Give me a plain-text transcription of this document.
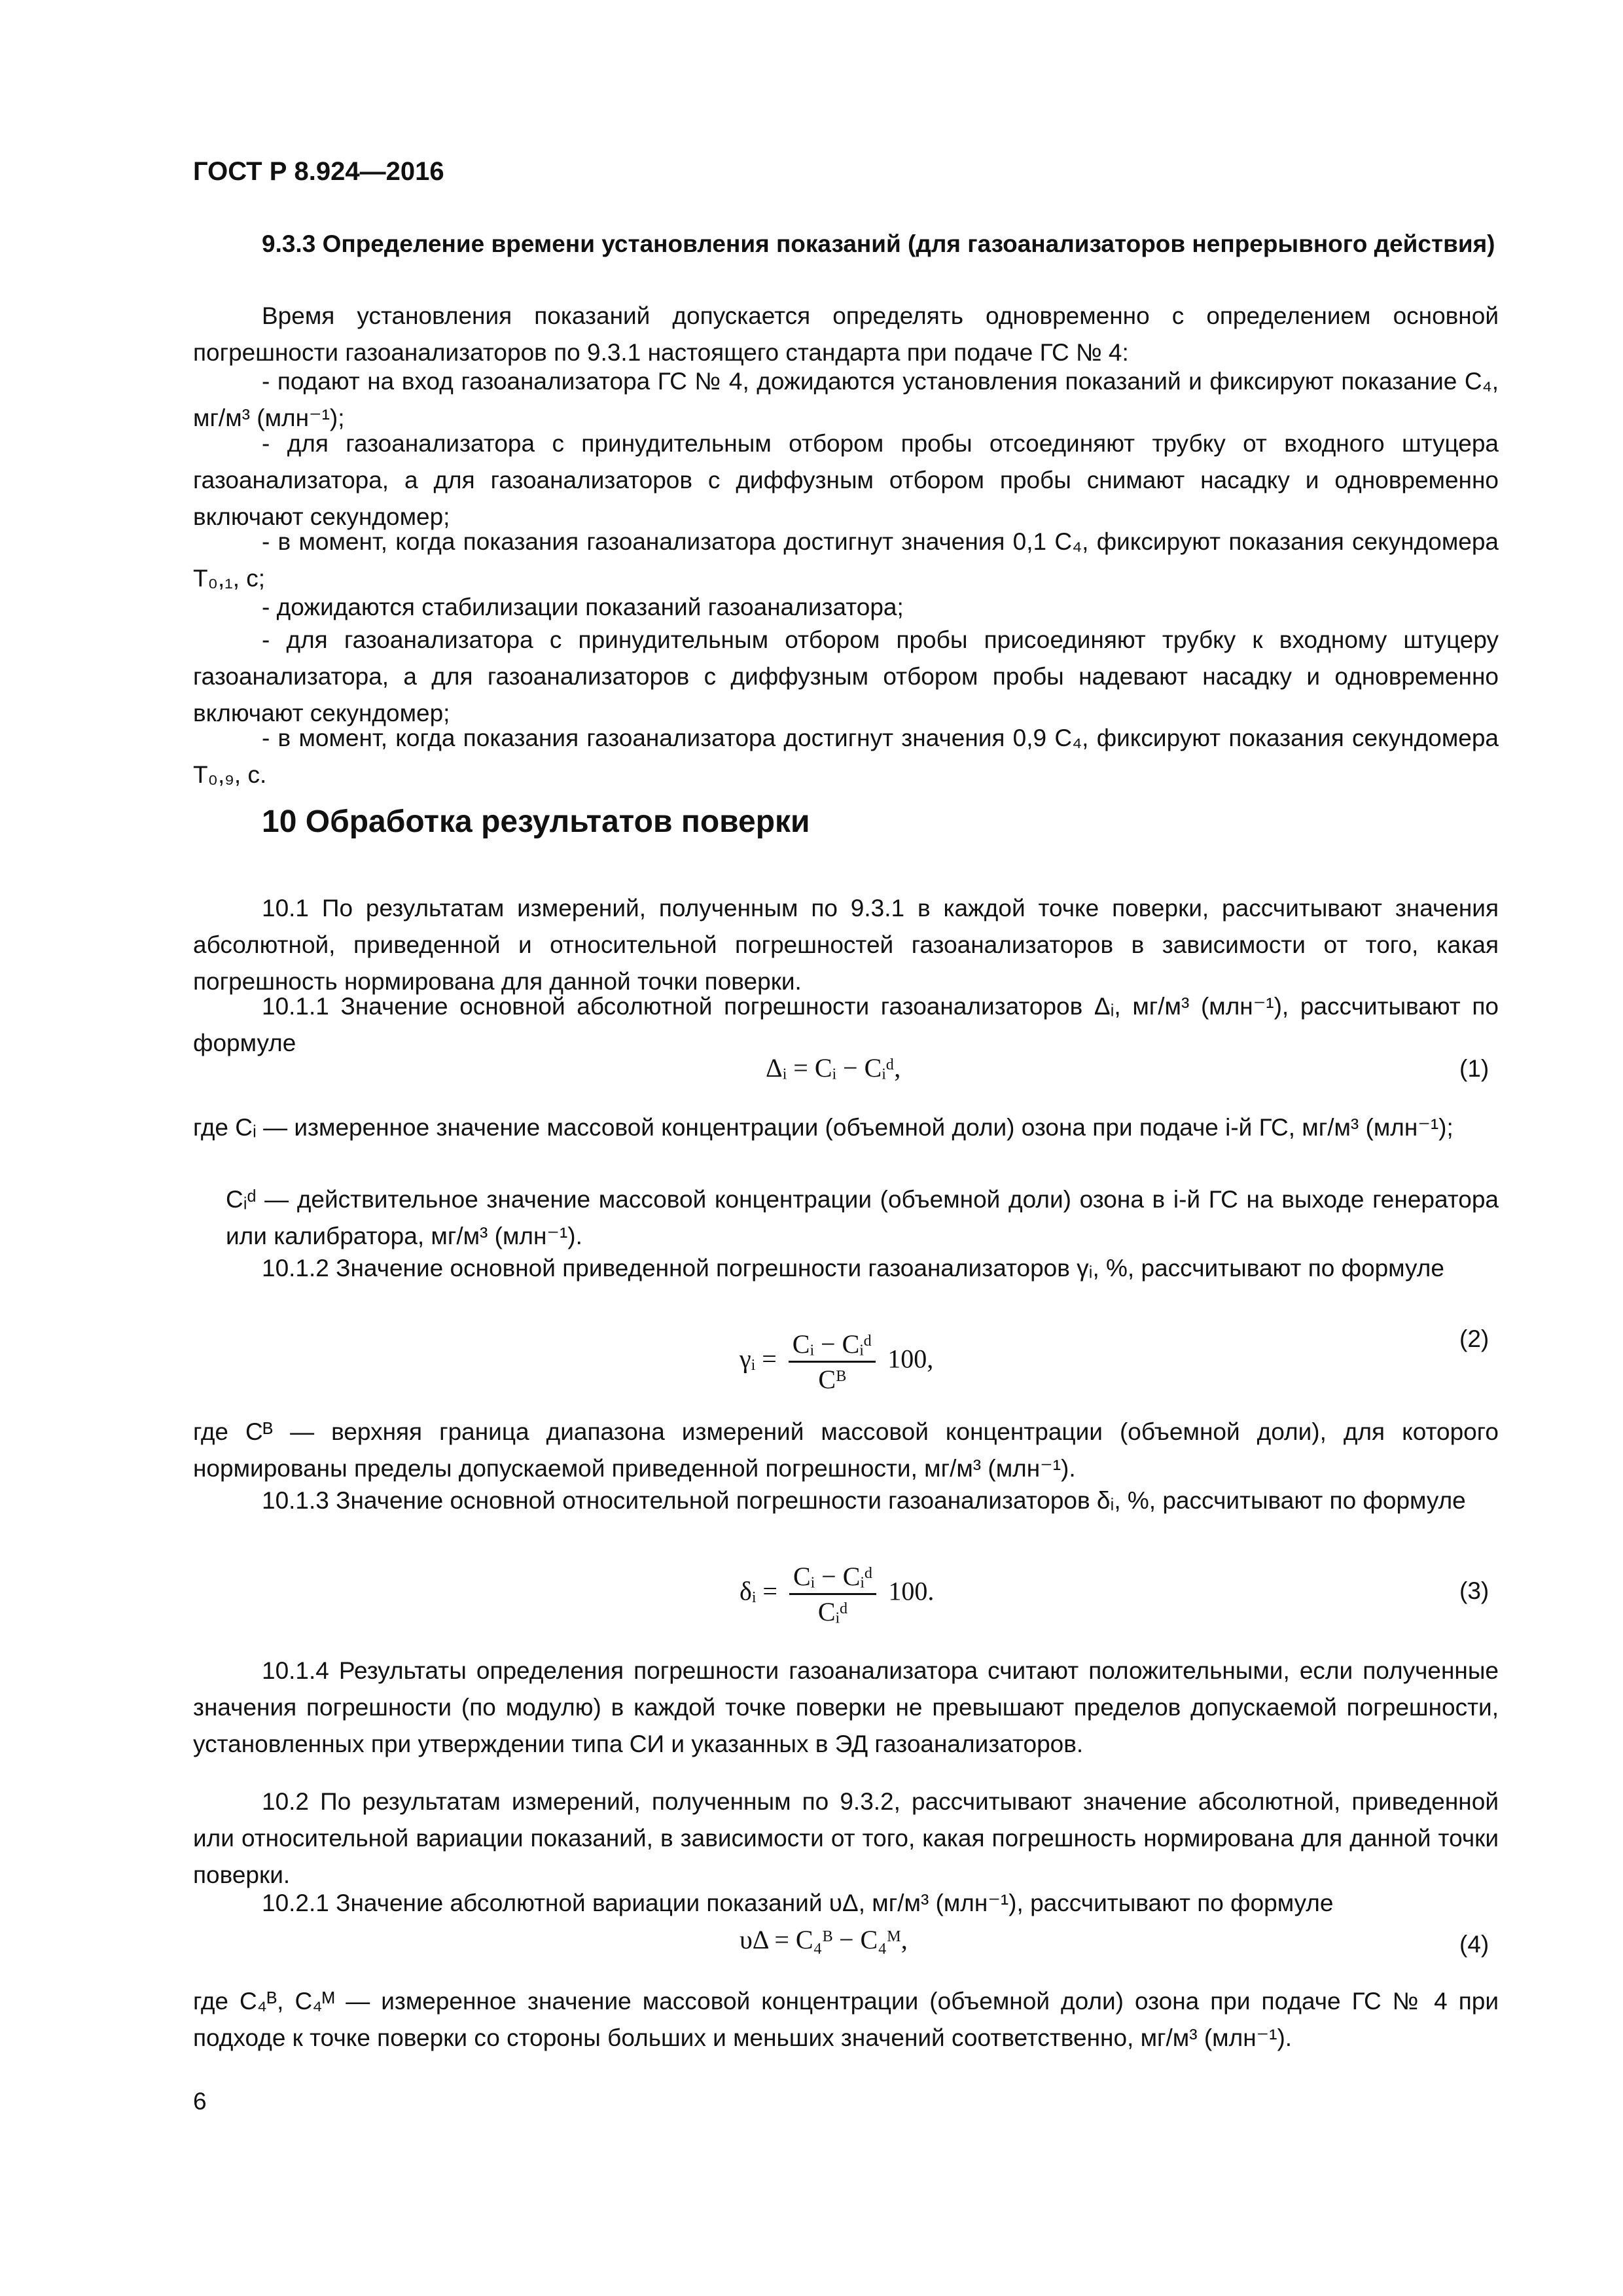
ГОСТ Р 8.924—2016
9.3.3 Определение времени установления показаний (для газоанализаторов непрерывного действия)
Время установления показаний допускается определять одновременно с определением основной погрешности газоанализаторов по 9.3.1 настоящего стандарта при подаче ГС № 4:
- подают на вход газоанализатора ГС № 4, дожидаются установления показаний и фиксируют показание C₄, мг/м³ (млн⁻¹);
- для газоанализатора с принудительным отбором пробы отсоединяют трубку от входного штуцера газоанализатора, а для газоанализаторов с диффузным отбором пробы снимают насадку и одновременно включают секундомер;
- в момент, когда показания газоанализатора достигнут значения 0,1 C₄, фиксируют показания секундомера T₀,₁, с;
- дожидаются стабилизации показаний газоанализатора;
- для газоанализатора с принудительным отбором пробы присоединяют трубку к входному штуцеру газоанализатора, а для газоанализаторов с диффузным отбором пробы надевают насадку и одновременно включают секундомер;
- в момент, когда показания газоанализатора достигнут значения 0,9 C₄, фиксируют показания секундомера T₀,₉, с.
10 Обработка результатов поверки
10.1 По результатам измерений, полученным по 9.3.1 в каждой точке поверки, рассчитывают значения абсолютной, приведенной и относительной погрешностей газоанализаторов в зависимости от того, какая погрешность нормирована для данной точки поверки.
10.1.1 Значение основной абсолютной погрешности газоанализаторов Δᵢ, мг/м³ (млн⁻¹), рассчитывают по формуле
Δᵢ = Cᵢ − Cᵢᵈ,	(1)
где Cᵢ — измеренное значение массовой концентрации (объемной доли) озона при подаче i-й ГС, мг/м³ (млн⁻¹);
Cᵢᵈ — действительное значение массовой концентрации (объемной доли) озона в i-й ГС на выходе генератора или калибратора, мг/м³ (млн⁻¹).
10.1.2 Значение основной приведенной погрешности газоанализаторов γᵢ, %, рассчитывают по формуле
γᵢ = $\frac{\text{Cᵢ − Cᵢᵈ}}{\text{Cᴮ}} 100$,
(2)
где Cᴮ — верхняя граница диапазона измерений массовой концентрации (объемной доли), для которого нормированы пределы допускаемой приведенной погрешности, мг/м³ (млн⁻¹).
10.1.3 Значение основной относительной погрешности газоанализаторов δᵢ, %, рассчитывают по формуле
δᵢ = $\frac{\text{Cᵢ − Cᵢᵈ}}{\text{Cᵢᵈ}} 100$.	(3)
10.1.4 Результаты определения погрешности газоанализатора считают положительными, если полученные значения погрешности (по модулю) в каждой точке поверки не превышают пределов допускаемой погрешности, установленных при утверждении типа СИ и указанных в ЭД газоанализаторов.
10.2 По результатам измерений, полученным по 9.3.2, рассчитывают значение абсолютной, приведенной или относительной вариации показаний, в зависимости от того, какая погрешность нормирована для данной точки поверки.
10.2.1 Значение абсолютной вариации показаний υΔ, мг/м³ (млн⁻¹), рассчитывают по формуле
υΔ = C₄ᴮ − C₄ᴹ,	(4)
где C₄ᴮ, C₄ᴹ — измеренное значение массовой концентрации (объемной доли) озона при подаче ГС № 4 при подходе к точке поверки со стороны больших и меньших значений соответственно, мг/м³ (млн⁻¹).
6
